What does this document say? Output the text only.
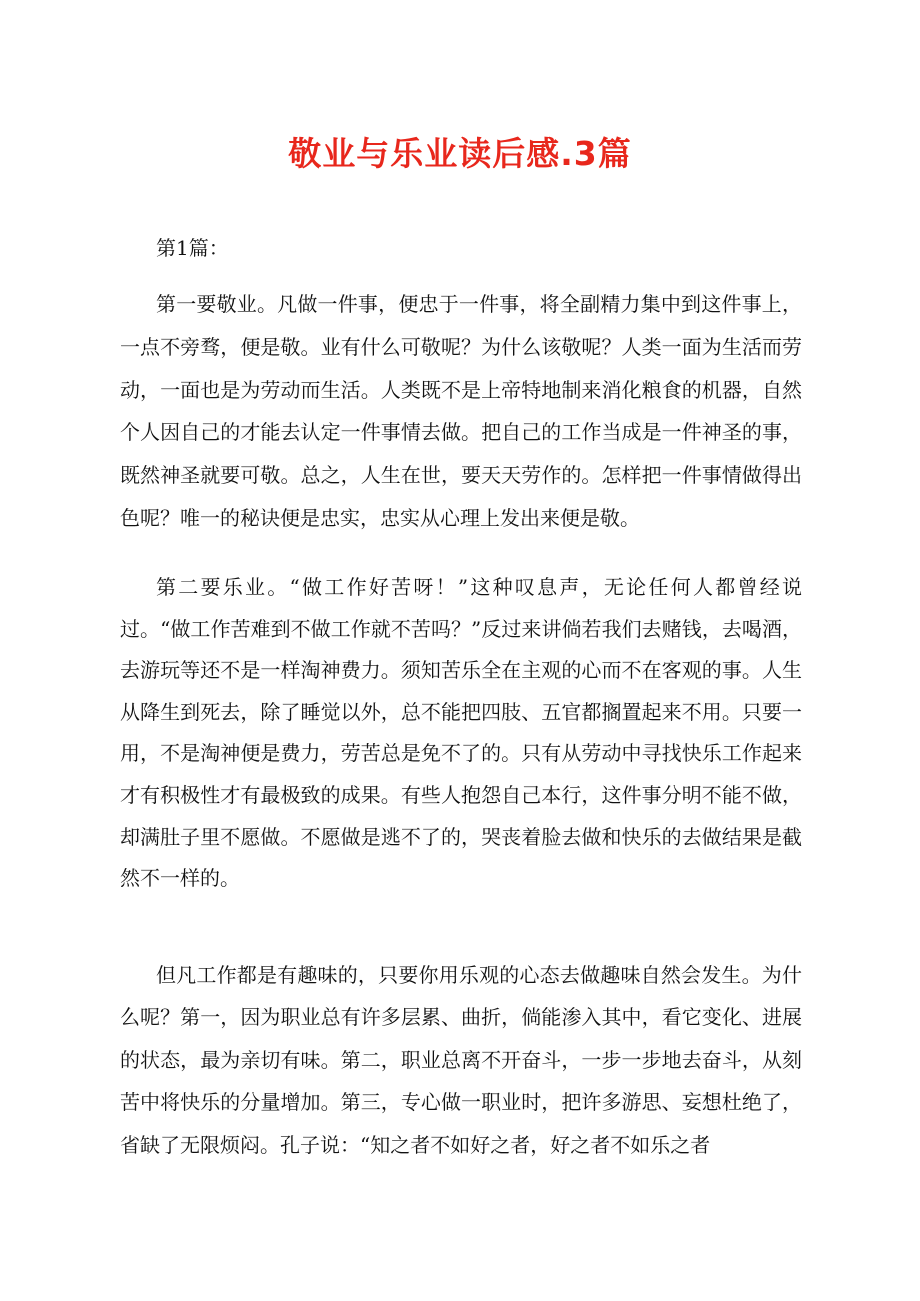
敬业与乐业读后感.3篇

第1篇：

第一要敬业。凡做一件事，便忠于一件事，将全副精力集中到这件事上，一点不旁骛，便是敬。业有什么可敬呢？为什么该敬呢？人类一面为生活而劳动，一面也是为劳动而生活。人类既不是上帝特地制来消化粮食的机器，自然个人因自己的才能去认定一件事情去做。把自己的工作当成是一件神圣的事，既然神圣就要可敬。总之，人生在世，要天天劳作的。怎样把一件事情做得出色呢？唯一的秘诀便是忠实，忠实从心理上发出来便是敬。

第二要乐业。“做工作好苦呀！”这种叹息声，无论任何人都曾经说过。“做工作苦难到不做工作就不苦吗？”反过来讲倘若我们去赌钱，去喝酒，去游玩等还不是一样淘神费力。须知苦乐全在主观的心而不在客观的事。人生从降生到死去，除了睡觉以外，总不能把四肢、五官都搁置起来不用。只要一用，不是淘神便是费力，劳苦总是免不了的。只有从劳动中寻找快乐工作起来才有积极性才有最极致的成果。有些人抱怨自己本行，这件事分明不能不做，却满肚子里不愿做。不愿做是逃不了的，哭丧着脸去做和快乐的去做结果是截然不一样的。

但凡工作都是有趣味的，只要你用乐观的心态去做趣味自然会发生。为什么呢？第一，因为职业总有许多层累、曲折，倘能渗入其中，看它变化、进展的状态，最为亲切有味。第二，职业总离不开奋斗，一步一步地去奋斗，从刻苦中将快乐的分量增加。第三，专心做一职业时，把许多游思、妄想杜绝了，省缺了无限烦闷。孔子说：“知之者不如好之者，好之者不如乐之者
